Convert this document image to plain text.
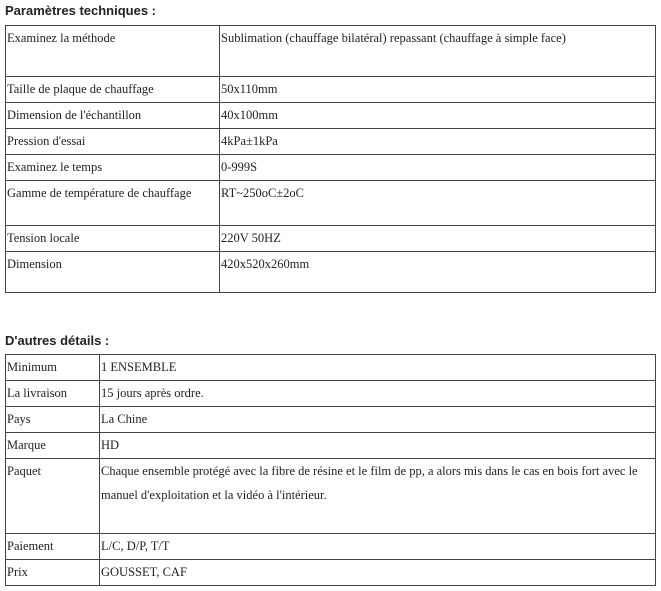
Paramètres techniques :
Examinez la méthode	Sublimation (chauffage bilatéral) repassant (chauffage à simple face)
Taille de plaque de chauffage	50x110mm
Dimension de l'échantillon	40x100mm
Pression d'essai	4kPa±1kPa
Examinez le temps	0-999S
Gamme de température de chauffage	RT~250oC±2oC
Tension locale	220V 50HZ
Dimension	420x520x260mm
D'autres détails :
Minimum	1 ENSEMBLE
La livraison	15 jours après ordre.
Pays	La Chine
Marque	HD
Paquet	Chaque ensemble protégé avec la fibre de résine et le film de pp, a alors mis dans le cas en bois fort avec le manuel d'exploitation et la vidéo à l'intérieur.
Paiement	L/C, D/P, T/T
Prix	GOUSSET, CAF
